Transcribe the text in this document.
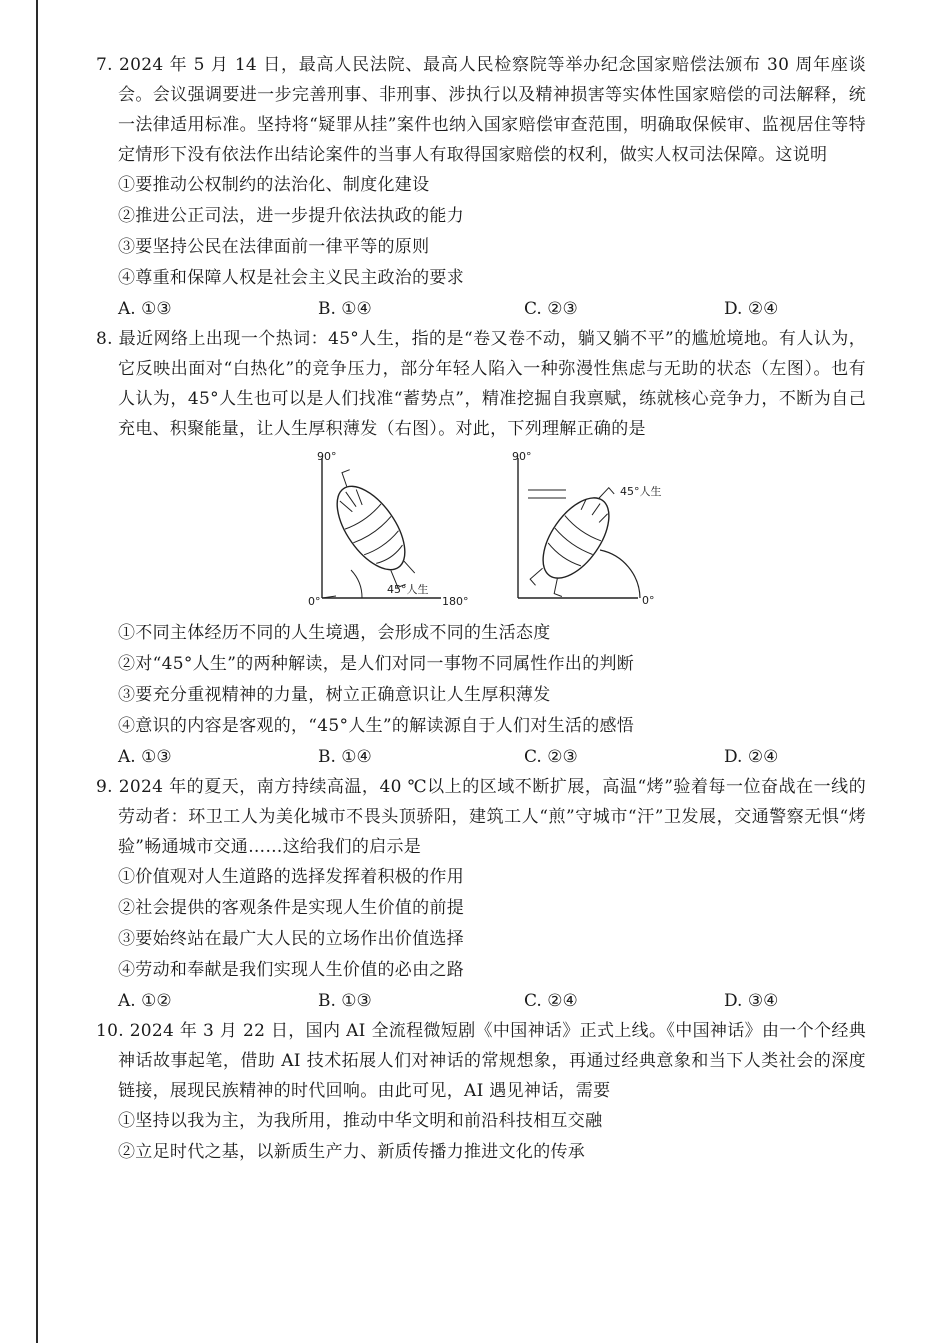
7. 2024 年 5 月 14 日，最高人民法院、最高人民检察院等举办纪念国家赔偿法颁布 30 周年座谈会。会议强调要进一步完善刑事、非刑事、涉执行以及精神损害等实体性国家赔偿的司法解释，统一法律适用标准。坚持将“疑罪从挂”案件也纳入国家赔偿审查范围，明确取保候审、监视居住等特定情形下没有依法作出结论案件的当事人有取得国家赔偿的权利，做实人权司法保障。这说明
①要推动公权制约的法治化、制度化建设
②推进公正司法，进一步提升依法执政的能力
③要坚持公民在法律面前一律平等的原则
④尊重和保障人权是社会主义民主政治的要求
A. ①③	B. ①④	C. ②③	D. ②④
8. 最近网络上出现一个热词：45°人生，指的是“卷又卷不动，躺又躺不平”的尴尬境地。有人认为，它反映出面对“白热化”的竞争压力，部分年轻人陷入一种弥漫性焦虑与无助的状态（左图）。也有人认为，45°人生也可以是人们找准“蓄势点”，精准挖掘自我禀赋，练就核心竞争力，不断为自己充电、积聚能量，让人生厚积薄发（右图）。对此，下列理解正确的是
90°
0°	180°
45°人生
90°
0°
45°人生
①不同主体经历不同的人生境遇，会形成不同的生活态度
②对“45°人生”的两种解读，是人们对同一事物不同属性作出的判断
③要充分重视精神的力量，树立正确意识让人生厚积薄发
④意识的内容是客观的，“45°人生”的解读源自于人们对生活的感悟
A. ①③	B. ①④	C. ②③	D. ②④
9. 2024 年的夏天，南方持续高温，40 ℃以上的区域不断扩展，高温“烤”验着每一位奋战在一线的劳动者：环卫工人为美化城市不畏头顶骄阳，建筑工人“煎”守城市“汗”卫发展，交通警察无惧“烤验”畅通城市交通……这给我们的启示是
①价值观对人生道路的选择发挥着积极的作用
②社会提供的客观条件是实现人生价值的前提
③要始终站在最广大人民的立场作出价值选择
④劳动和奉献是我们实现人生价值的必由之路
A. ①②	B. ①③	C. ②④	D. ③④
10. 2024 年 3 月 22 日，国内 AI 全流程微短剧《中国神话》正式上线。《中国神话》由一个个经典神话故事起笔，借助 AI 技术拓展人们对神话的常规想象，再通过经典意象和当下人类社会的深度链接，展现民族精神的时代回响。由此可见，AI 遇见神话，需要
①坚持以我为主，为我所用，推动中华文明和前沿科技相互交融
②立足时代之基，以新质生产力、新质传播力推进文化的传承
